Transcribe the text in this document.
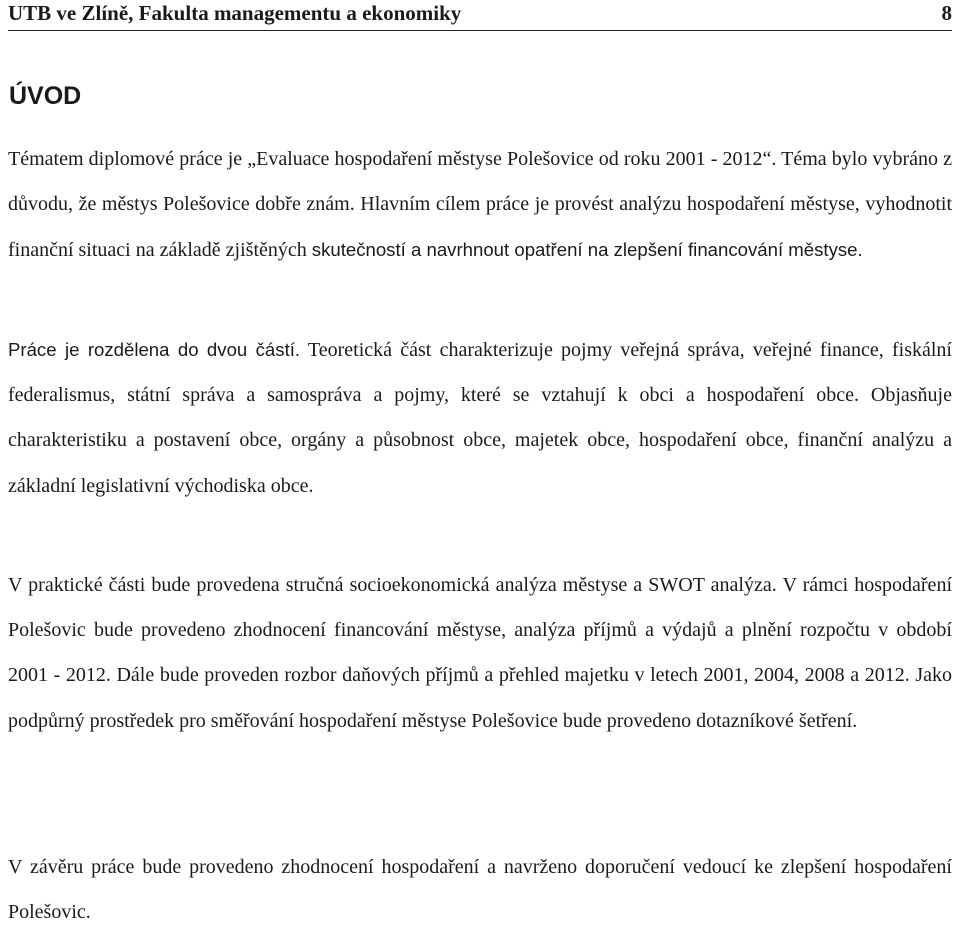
UTB ve Zlíně, Fakulta managementu a ekonomiky	8
ÚVOD

Tématem diplomové práce je „Evaluace hospodaření městyse Polešovice od roku 2001 - 2012“. Téma bylo vybráno z důvodu, že městys Polešovice dobře znám. Hlavním cílem práce je provést analýzu hospodaření městyse, vyhodnotit finanční situaci na základě zjištěných skutečností a navrhnout opatření na zlepšení financování městyse.

Práce je rozdělena do dvou částí. Teoretická část charakterizuje pojmy veřejná správa, veřejné finance, fiskální federalismus, státní správa a samospráva a pojmy, které se vztahují k obci a hospodaření obce. Objasňuje charakteristiku a postavení obce, orgány a působnost obce, majetek obce, hospodaření obce, finanční analýzu a základní legislativní východiska obce.

V praktické části bude provedena stručná socioekonomická analýza městyse a SWOT analýza. V rámci hospodaření Polešovic bude provedeno zhodnocení financování městyse, analýza příjmů a výdajů a plnění rozpočtu v období 2001 - 2012. Dále bude proveden rozbor daňových příjmů a přehled majetku v letech 2001, 2004, 2008 a 2012. Jako podpůrný prostředek pro směřování hospodaření městyse Polešovice bude provedeno dotazníkové šetření.

V závěru práce bude provedeno zhodnocení hospodaření a navrženo doporučení vedoucí ke zlepšení hospodaření Polešovic.
